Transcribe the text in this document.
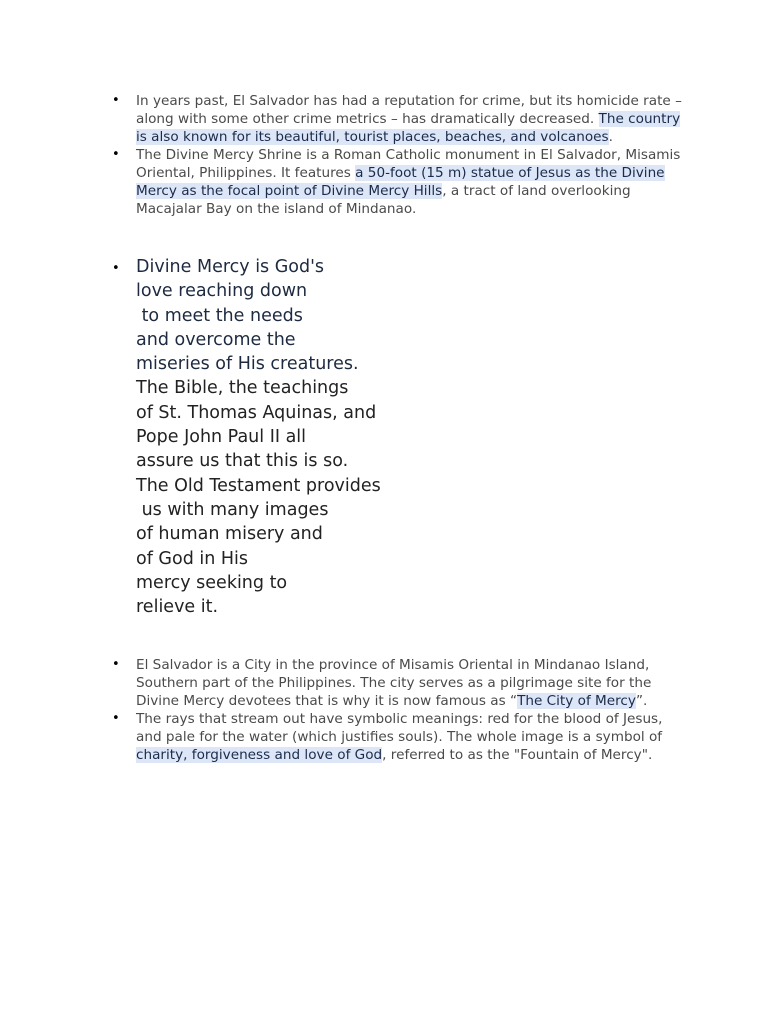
• In years past, El Salvador has had a reputation for crime, but its homicide rate – along with some other crime metrics – has dramatically decreased. The country is also known for its beautiful, tourist places, beaches, and volcanoes.
• The Divine Mercy Shrine is a Roman Catholic monument in El Salvador, Misamis Oriental, Philippines. It features a 50-foot (15 m) statue of Jesus as the Divine Mercy as the focal point of Divine Mercy Hills, a tract of land overlooking Macajalar Bay on the island of Mindanao.
• Divine Mercy is God's
love reaching down
to meet the needs
and overcome the
miseries of His creatures.
The Bible, the teachings
of St. Thomas Aquinas, and
Pope John Paul II all
assure us that this is so.
The Old Testament provides
us with many images
of human misery and
of God in His
mercy seeking to
relieve it.
• El Salvador is a City in the province of Misamis Oriental in Mindanao Island, Southern part of the Philippines. The city serves as a pilgrimage site for the Divine Mercy devotees that is why it is now famous as “The City of Mercy”.
• The rays that stream out have symbolic meanings: red for the blood of Jesus, and pale for the water (which justifies souls). The whole image is a symbol of charity, forgiveness and love of God, referred to as the "Fountain of Mercy".
